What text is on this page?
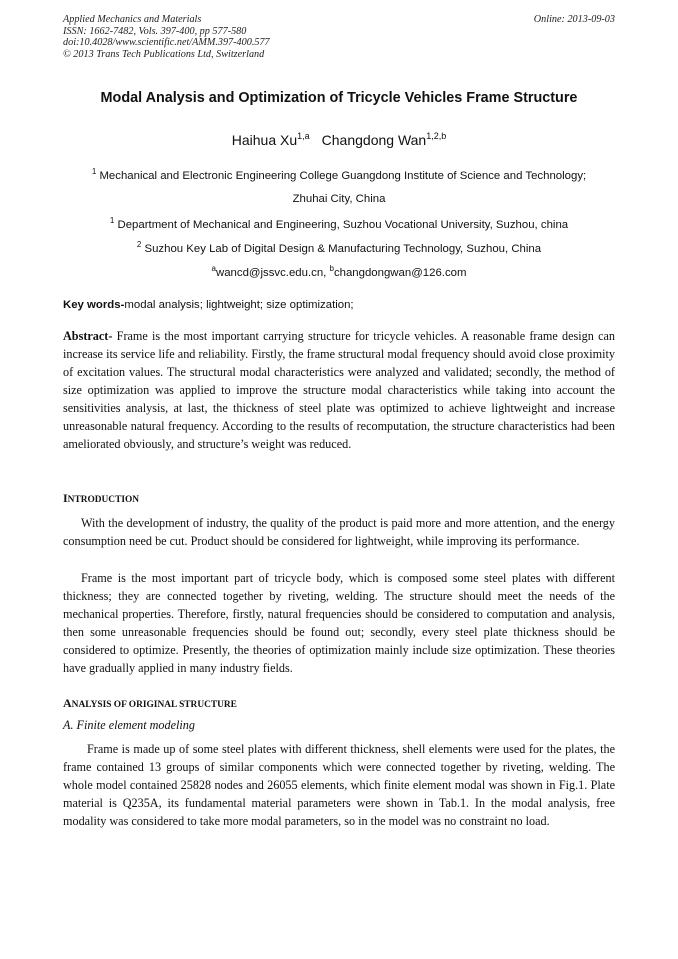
Applied Mechanics and Materials
ISSN: 1662-7482, Vols. 397-400, pp 577-580
doi:10.4028/www.scientific.net/AMM.397-400.577
© 2013 Trans Tech Publications Ltd, Switzerland
Online: 2013-09-03
Modal Analysis and Optimization of Tricycle Vehicles Frame Structure
Haihua Xu$^{1,a}$ Changdong Wan$^{1,2,b}$
$^1$ Mechanical and Electronic Engineering College Guangdong Institute of Science and Technology;
Zhuhai City, China
$^1$ Department of Mechanical and Engineering, Suzhou Vocational University, Suzhou, china
$^2$ Suzhou Key Lab of Digital Design & Manufacturing Technology, Suzhou, China
$^a$wancd@jssvc.edu.cn, $^b$changdongwan@126.com
Key words-modal analysis; lightweight; size optimization;
Abstract- Frame is the most important carrying structure for tricycle vehicles. A reasonable frame design can increase its service life and reliability. Firstly, the frame structural modal frequency should avoid close proximity of excitation values. The structural modal characteristics were analyzed and validated; secondly, the method of size optimization was applied to improve the structure modal characteristics while taking into account the sensitivities analysis, at last, the thickness of steel plate was optimized to achieve lightweight and increase unreasonable natural frequency. According to the results of recomputation, the structure characteristics had been ameliorated obviously, and structure’s weight was reduced.
INTRODUCTION
With the development of industry, the quality of the product is paid more and more attention, and the energy consumption need be cut. Product should be considered for lightweight, while improving its performance.
Frame is the most important part of tricycle body, which is composed some steel plates with different thickness; they are connected together by riveting, welding. The structure should meet the needs of the mechanical properties. Therefore, firstly, natural frequencies should be considered to computation and analysis, then some unreasonable frequencies should be found out; secondly, every steel plate thickness should be considered to optimize. Presently, the theories of optimization mainly include size optimization. These theories have gradually applied in many industry fields.
ANALYSIS OF ORIGINAL STRUCTURE
A. Finite element modeling
Frame is made up of some steel plates with different thickness, shell elements were used for the plates, the frame contained 13 groups of similar components which were connected together by riveting, welding. The whole model contained 25828 nodes and 26055 elements, which finite element modal was shown in Fig.1. Plate material is Q235A, its fundamental material parameters were shown in Tab.1. In the modal analysis, free modality was considered to take more modal parameters, so in the model was no constraint no load.
